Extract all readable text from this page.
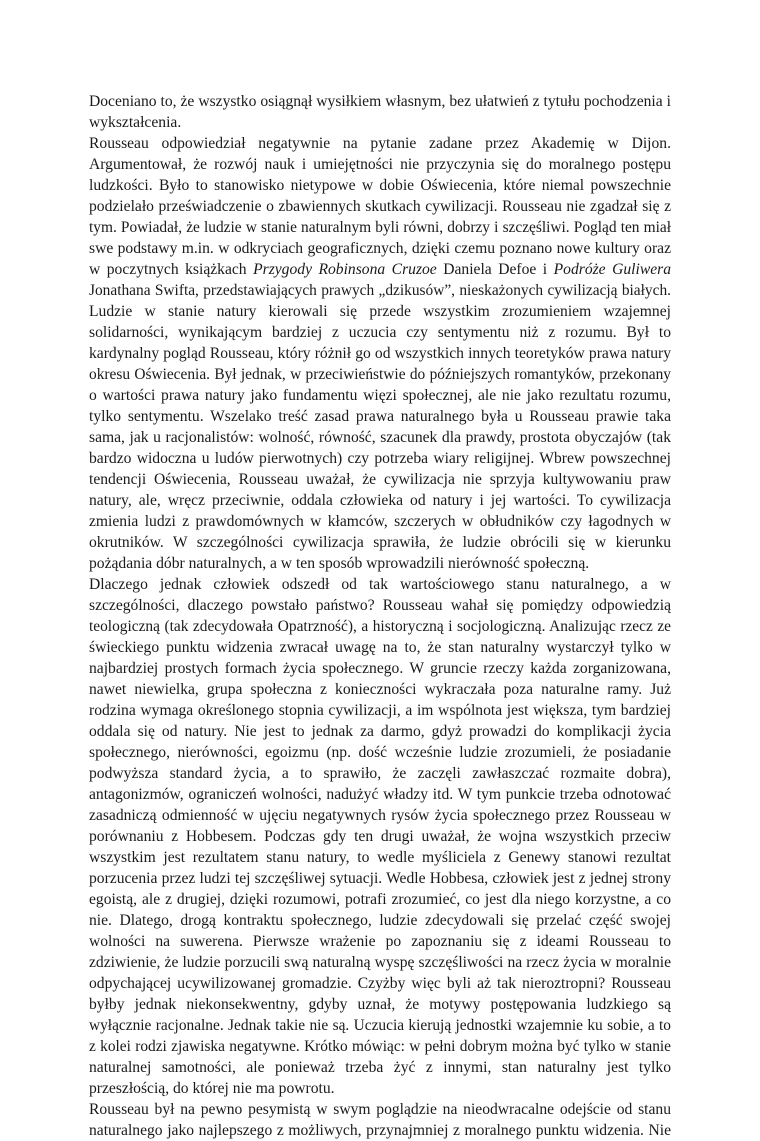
Doceniano to, że wszystko osiągnął wysiłkiem własnym, bez ułatwień z tytułu pochodzenia i
wykształcenia.
Rousseau odpowiedział negatywnie na pytanie zadane przez Akademię w Dijon.
Argumentował, że rozwój nauk i umiejętności nie przyczynia się do moralnego postępu
ludzkości. Było to stanowisko nietypowe w dobie Oświecenia, które niemal powszechnie
podzielało przeświadczenie o zbawiennych skutkach cywilizacji. Rousseau nie zgadzał się z
tym. Powiadał, że ludzie w stanie naturalnym byli równi, dobrzy i szczęśliwi. Pogląd ten miał
swe podstawy m.in. w odkryciach geograficznych, dzięki czemu poznano nowe kultury oraz
w poczytnych książkach Przygody Robinsona Cruzoe Daniela Defoe i Podróże Guliwera
Jonathana Swifta, przedstawiających prawych „dzikusów”, nieskażonych cywilizacją białych.
Ludzie w stanie natury kierowali się przede wszystkim zrozumieniem wzajemnej
solidarności, wynikającym bardziej z uczucia czy sentymentu niż z rozumu. Był to
kardynalny pogląd Rousseau, który różnił go od wszystkich innych teoretyków prawa natury
okresu Oświecenia. Był jednak, w przeciwieństwie do późniejszych romantyków, przekonany
o wartości prawa natury jako fundamentu więzi społecznej, ale nie jako rezultatu rozumu,
tylko sentymentu. Wszelako treść zasad prawa naturalnego była u Rousseau prawie taka
sama, jak u racjonalistów: wolność, równość, szacunek dla prawdy, prostota obyczajów (tak
bardzo widoczna u ludów pierwotnych) czy potrzeba wiary religijnej. Wbrew powszechnej
tendencji Oświecenia, Rousseau uważał, że cywilizacja nie sprzyja kultywowaniu praw
natury, ale, wręcz przeciwnie, oddala człowieka od natury i jej wartości. To cywilizacja
zmienia ludzi z prawdomównych w kłamców, szczerych w obłudników czy łagodnych w
okrutników. W szczególności cywilizacja sprawiła, że ludzie obrócili się w kierunku
pożądania dóbr naturalnych, a w ten sposób wprowadzili nierówność społeczną.
Dlaczego jednak człowiek odszedł od tak wartościowego stanu naturalnego, a w
szczególności, dlaczego powstało państwo? Rousseau wahał się pomiędzy odpowiedzią
teologiczną (tak zdecydowała Opatrzność), a historyczną i socjologiczną. Analizując rzecz ze
świeckiego punktu widzenia zwracał uwagę na to, że stan naturalny wystarczył tylko w
najbardziej prostych formach życia społecznego. W gruncie rzeczy każda zorganizowana,
nawet niewielka, grupa społeczna z konieczności wykraczała poza naturalne ramy. Już
rodzina wymaga określonego stopnia cywilizacji, a im wspólnota jest większa, tym bardziej
oddala się od natury. Nie jest to jednak za darmo, gdyż prowadzi do komplikacji życia
społecznego, nierówności, egoizmu (np. dość wcześnie ludzie zrozumieli, że posiadanie
podwyższa standard życia, a to sprawiło, że zaczęli zawłaszczać rozmaite dobra),
antagonizmów, ograniczeń wolności, nadużyć władzy itd. W tym punkcie trzeba odnotować
zasadniczą odmienność w ujęciu negatywnych rysów życia społecznego przez Rousseau w
porównaniu z Hobbesem. Podczas gdy ten drugi uważał, że wojna wszystkich przeciw
wszystkim jest rezultatem stanu natury, to wedle myśliciela z Genewy stanowi rezultat
porzucenia przez ludzi tej szczęśliwej sytuacji. Wedle Hobbesa, człowiek jest z jednej strony
egoistą, ale z drugiej, dzięki rozumowi, potrafi zrozumieć, co jest dla niego korzystne, a co
nie. Dlatego, drogą kontraktu społecznego, ludzie zdecydowali się przelać część swojej
wolności na suwerena. Pierwsze wrażenie po zapoznaniu się z ideami Rousseau to
zdziwienie, że ludzie porzucili swą naturalną wyspę szczęśliwości na rzecz życia w moralnie
odpychającej ucywilizowanej gromadzie. Czyżby więc byli aż tak nieroztropni? Rousseau
byłby jednak niekonsekwentny, gdyby uznał, że motywy postępowania ludzkiego są
wyłącznie racjonalne. Jednak takie nie są. Uczucia kierują jednostki wzajemnie ku sobie, a to
z kolei rodzi zjawiska negatywne. Krótko mówiąc: w pełni dobrym można być tylko w stanie
naturalnej samotności, ale ponieważ trzeba żyć z innymi, stan naturalny jest tylko
przeszłością, do której nie ma powrotu.
Rousseau był na pewno pesymistą w swym poglądzie na nieodwracalne odejście od stanu
naturalnego jako najlepszego z możliwych, przynajmniej z moralnego punktu widzenia. Nie
